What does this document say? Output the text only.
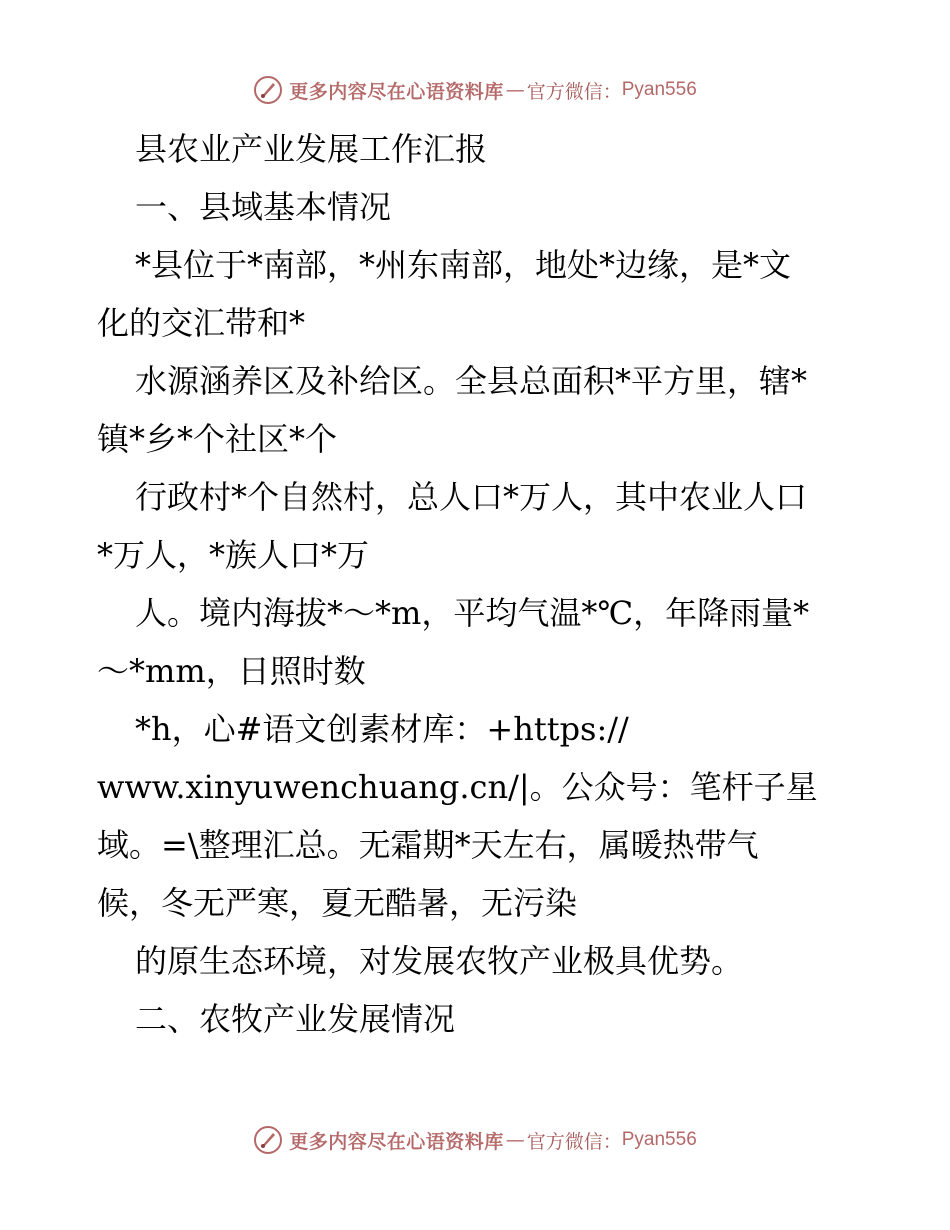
更多内容尽在心语资料库 — 官方微信： Pyan556
县农业产业发展工作汇报
一、县域基本情况
*县位于*南部，*州东南部，地处*边缘，是*文
化的交汇带和*
水源涵养区及补给区。全县总面积*平方里，辖*
镇*乡*个社区*个
行政村*个自然村，总人口*万人，其中农业人口
*万人，*族人口*万
人。境内海拔*～*m，平均气温*℃，年降雨量*
～*mm，日照时数
*h，心#语文创素材库：+https://
www.xinyuwenchuang.cn/|。公众号：笔杆子星
域。=\整理汇总。无霜期*天左右，属暖热带气
候，冬无严寒，夏无酷暑，无污染
的原生态环境，对发展农牧产业极具优势。
二、农牧产业发展情况
更多内容尽在心语资料库 — 官方微信： Pyan556
